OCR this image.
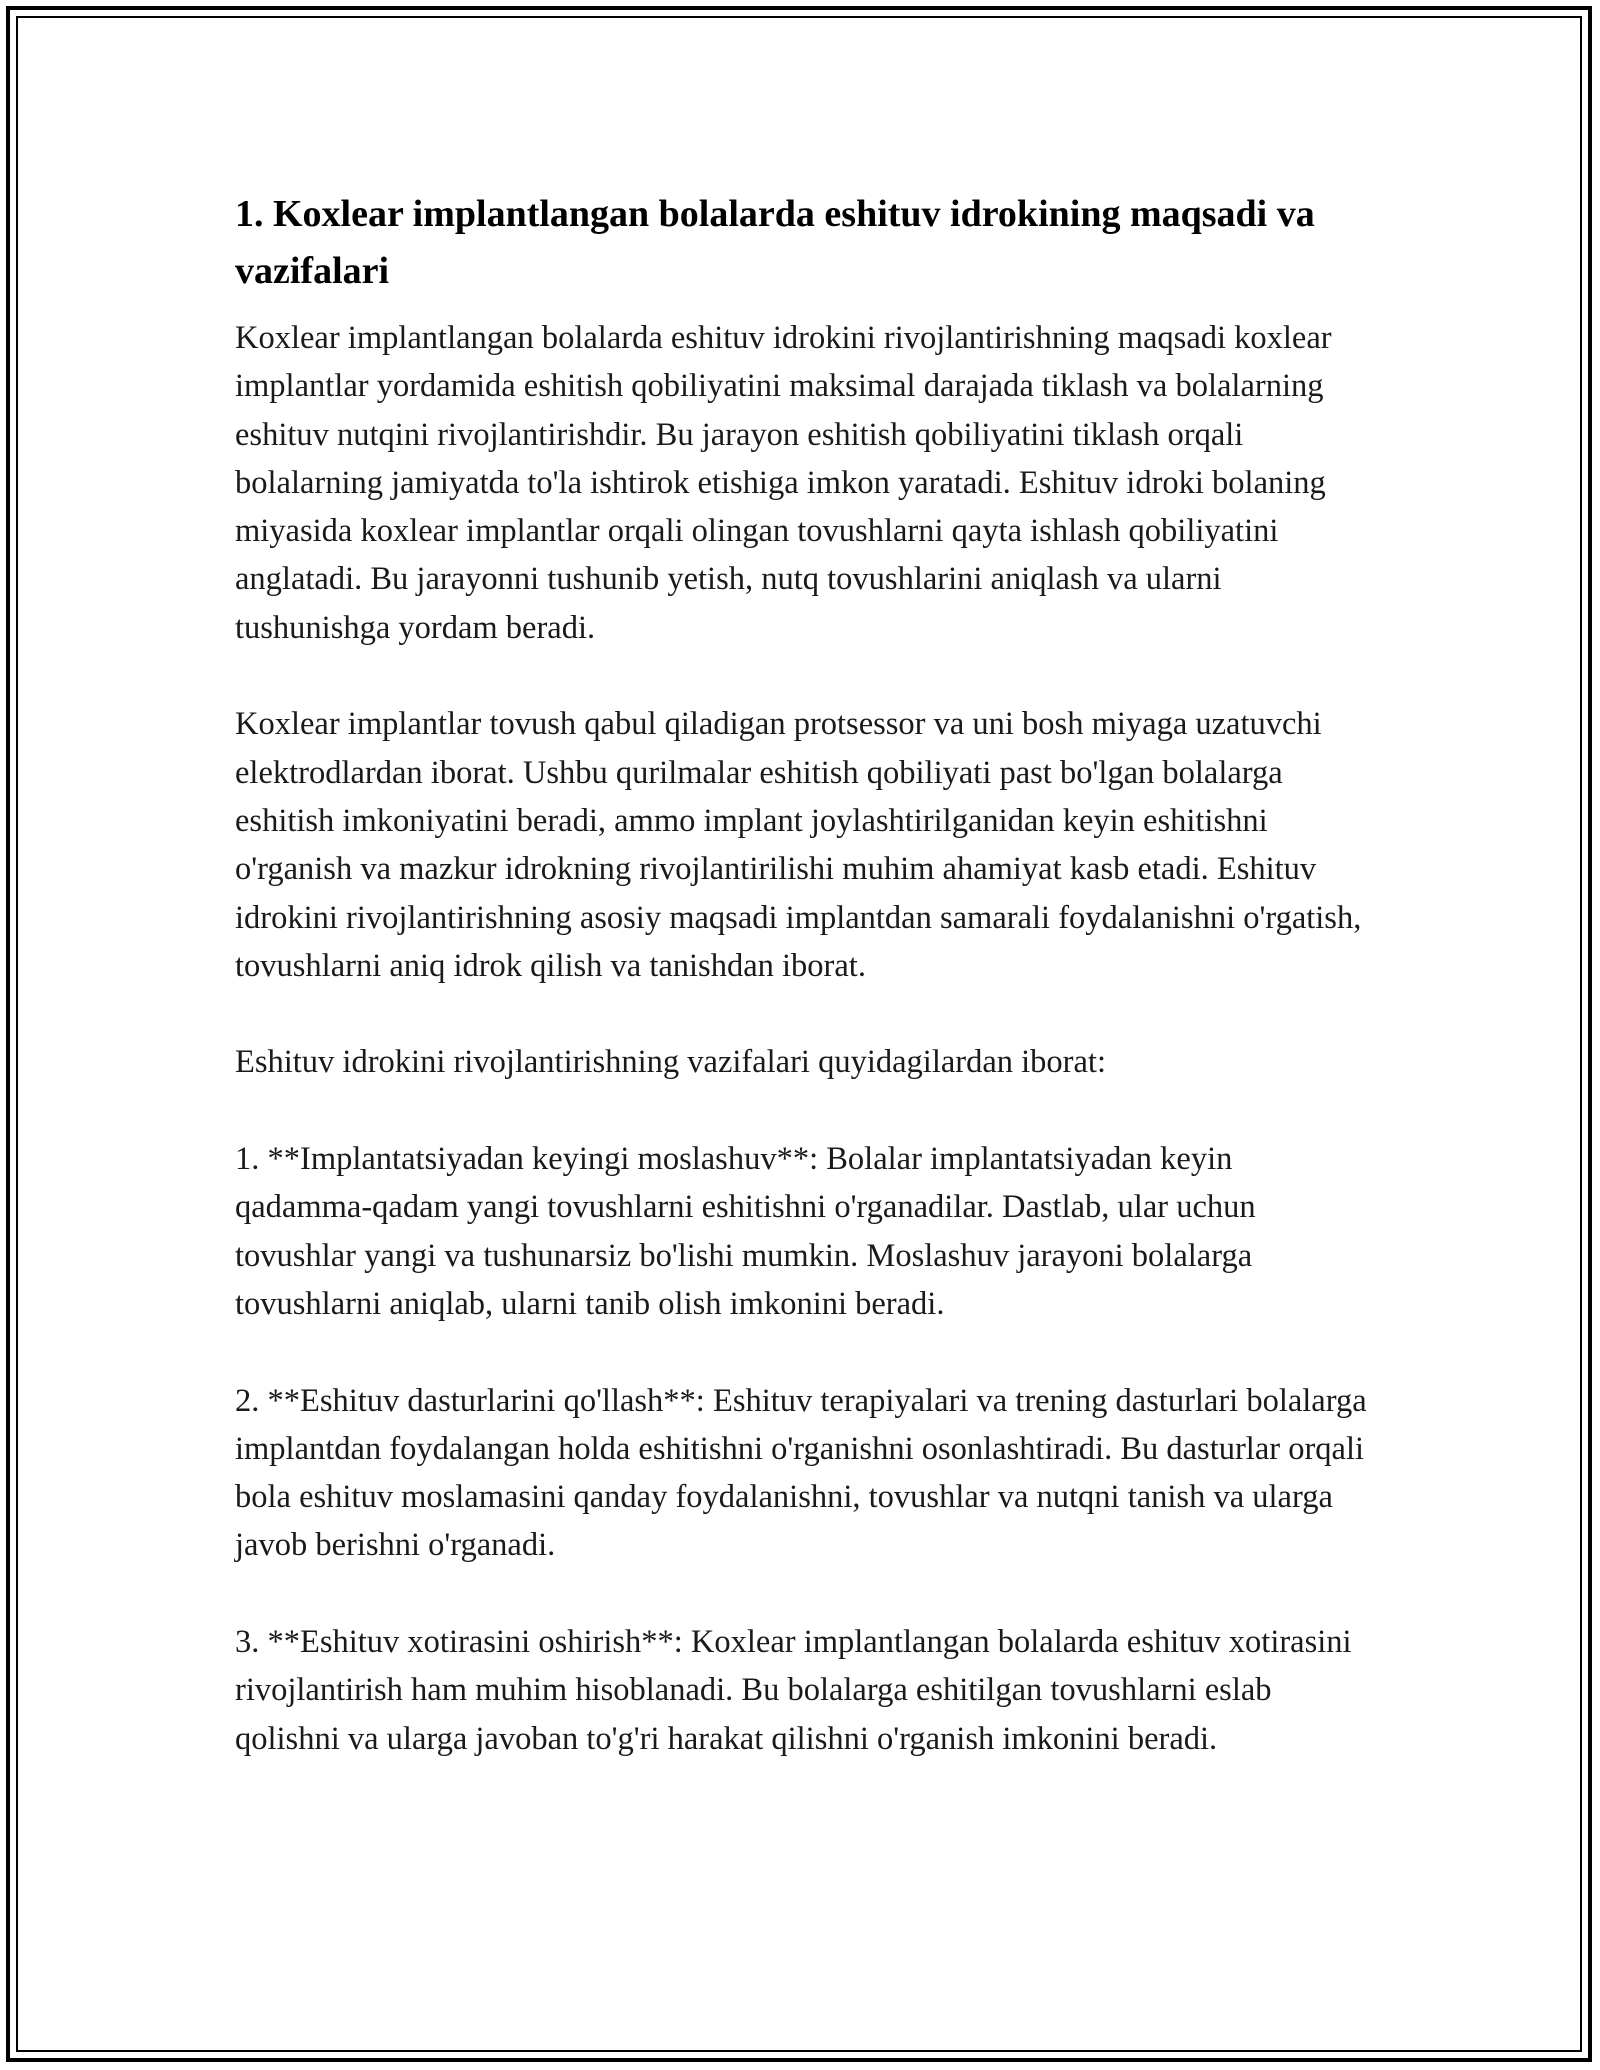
1. Koxlear implantlangan bolalarda eshituv idrokining maqsadi va vazifalari

Koxlear implantlangan bolalarda eshituv idrokini rivojlantirishning maqsadi koxlear implantlar yordamida eshitish qobiliyatini maksimal darajada tiklash va bolalarning eshituv nutqini rivojlantirishdir. Bu jarayon eshitish qobiliyatini tiklash orqali bolalarning jamiyatda to'la ishtirok etishiga imkon yaratadi. Eshituv idroki bolaning miyasida koxlear implantlar orqali olingan tovushlarni qayta ishlash qobiliyatini anglatadi. Bu jarayonni tushunib yetish, nutq tovushlarini aniqlash va ularni tushunishga yordam beradi.

Koxlear implantlar tovush qabul qiladigan protsessor va uni bosh miyaga uzatuvchi elektrodlardan iborat. Ushbu qurilmalar eshitish qobiliyati past bo'lgan bolalarga eshitish imkoniyatini beradi, ammo implant joylashtirilganidan keyin eshitishni o'rganish va mazkur idrokning rivojlantirilishi muhim ahamiyat kasb etadi. Eshituv idrokini rivojlantirishning asosiy maqsadi implantdan samarali foydalanishni o'rgatish, tovushlarni aniq idrok qilish va tanishdan iborat.

Eshituv idrokini rivojlantirishning vazifalari quyidagilardan iborat:

1. **Implantatsiyadan keyingi moslashuv**: Bolalar implantatsiyadan keyin qadamma-qadam yangi tovushlarni eshitishni o'rganadilar. Dastlab, ular uchun tovushlar yangi va tushunarsiz bo'lishi mumkin. Moslashuv jarayoni bolalarga tovushlarni aniqlab, ularni tanib olish imkonini beradi.

2. **Eshituv dasturlarini qo'llash**: Eshituv terapiyalari va trening dasturlari bolalarga implantdan foydalangan holda eshitishni o'rganishni osonlashtiradi. Bu dasturlar orqali bola eshituv moslamasini qanday foydalanishni, tovushlar va nutqni tanish va ularga javob berishni o'rganadi.

3. **Eshituv xotirasini oshirish**: Koxlear implantlangan bolalarda eshituv xotirasini rivojlantirish ham muhim hisoblanadi. Bu bolalarga eshitilgan tovushlarni eslab qolishni va ularga javoban to'g'ri harakat qilishni o'rganish imkonini beradi.
